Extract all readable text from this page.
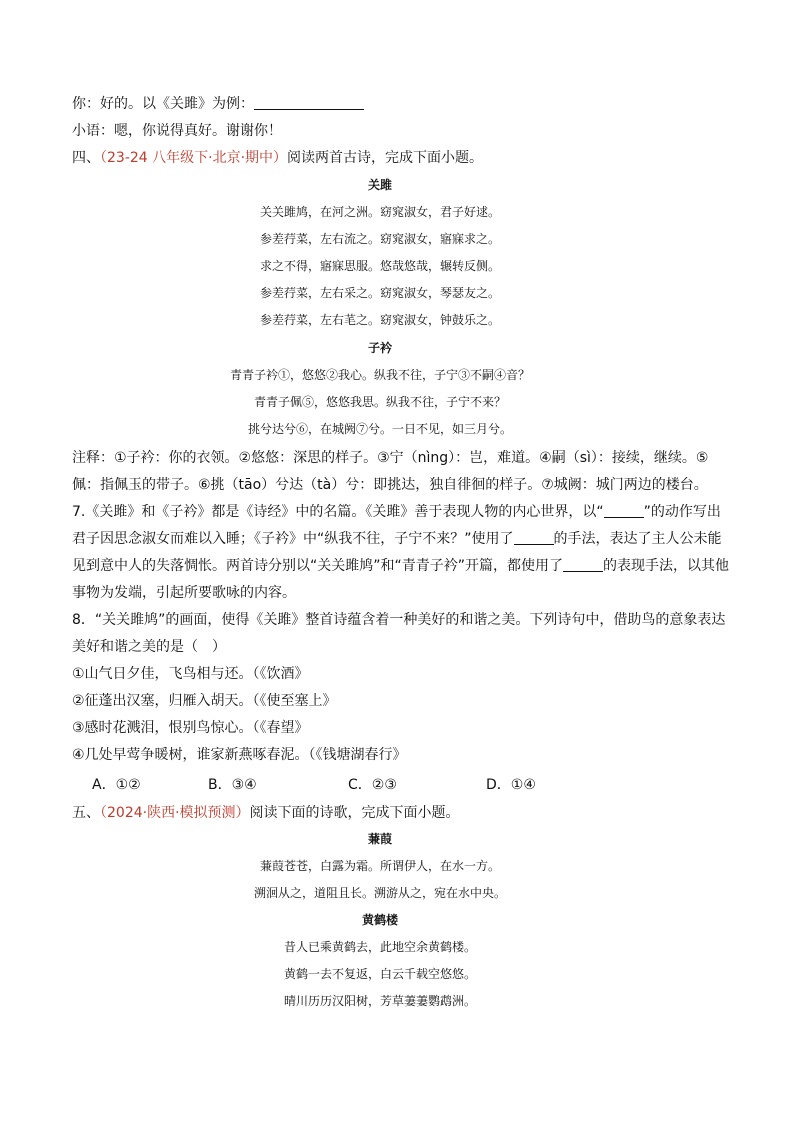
你：好的。以《关雎》为例：
小语：嗯，你说得真好。谢谢你！
四、（23-24 八年级下·北京·期中）阅读两首古诗，完成下面小题。
关雎
关关雎鸠，在河之洲。窈窕淑女，君子好逑。
参差荇菜，左右流之。窈窕淑女，寤寐求之。
求之不得，寤寐思服。悠哉悠哉，辗转反侧。
参差荇菜，左右采之。窈窕淑女，琴瑟友之。
参差荇菜，左右芼之。窈窕淑女，钟鼓乐之。
子衿
青青子衿①，悠悠②我心。纵我不往，子宁③不嗣④音？
青青子佩⑤，悠悠我思。纵我不往，子宁不来？
挑兮达兮⑥，在城阙⑦兮。一日不见，如三月兮。
注释：①子衿：你的衣领。②悠悠：深思的样子。③宁（nìng）：岂，难道。④嗣（sì）：接续，继续。⑤
佩：指佩玉的带子。⑥挑（tāo）兮达（tà）兮：即挑达，独自徘徊的样子。⑦城阙：城门两边的楼台。
7.《关雎》和《子衿》都是《诗经》中的名篇。《关雎》善于表现人物的内心世界，以“	”的动作写出
君子因思念淑女而难以入睡；《子衿》中“纵我不往，子宁不来？”使用了	的手法，表达了主人公未能
见到意中人的失落惆怅。两首诗分别以“关关雎鸠”和“青青子衿”开篇，都使用了	的表现手法，以其他
事物为发端，引起所要歌咏的内容。
8．“关关雎鸠”的画面，使得《关雎》整首诗蕴含着一种美好的和谐之美。下列诗句中，借助鸟的意象表达
美好和谐之美的是（　）
①山气日夕佳，飞鸟相与还。（《饮酒》
②征蓬出汉塞，归雁入胡天。（《使至塞上》
③感时花溅泪，恨别鸟惊心。（《春望》
④几处早莺争暖树，谁家新燕啄春泥。（《钱塘湖春行》
A．①②	B．③④	C．②③	D．①④
五、（2024·陕西·模拟预测）阅读下面的诗歌，完成下面小题。
蒹葭
蒹葭苍苍，白露为霜。所谓伊人，在水一方。
溯洄从之，道阻且长。溯游从之，宛在水中央。
黄鹤楼
昔人已乘黄鹤去，此地空余黄鹤楼。
黄鹤一去不复返，白云千载空悠悠。
晴川历历汉阳树，芳草萋萋鹦鹉洲。
